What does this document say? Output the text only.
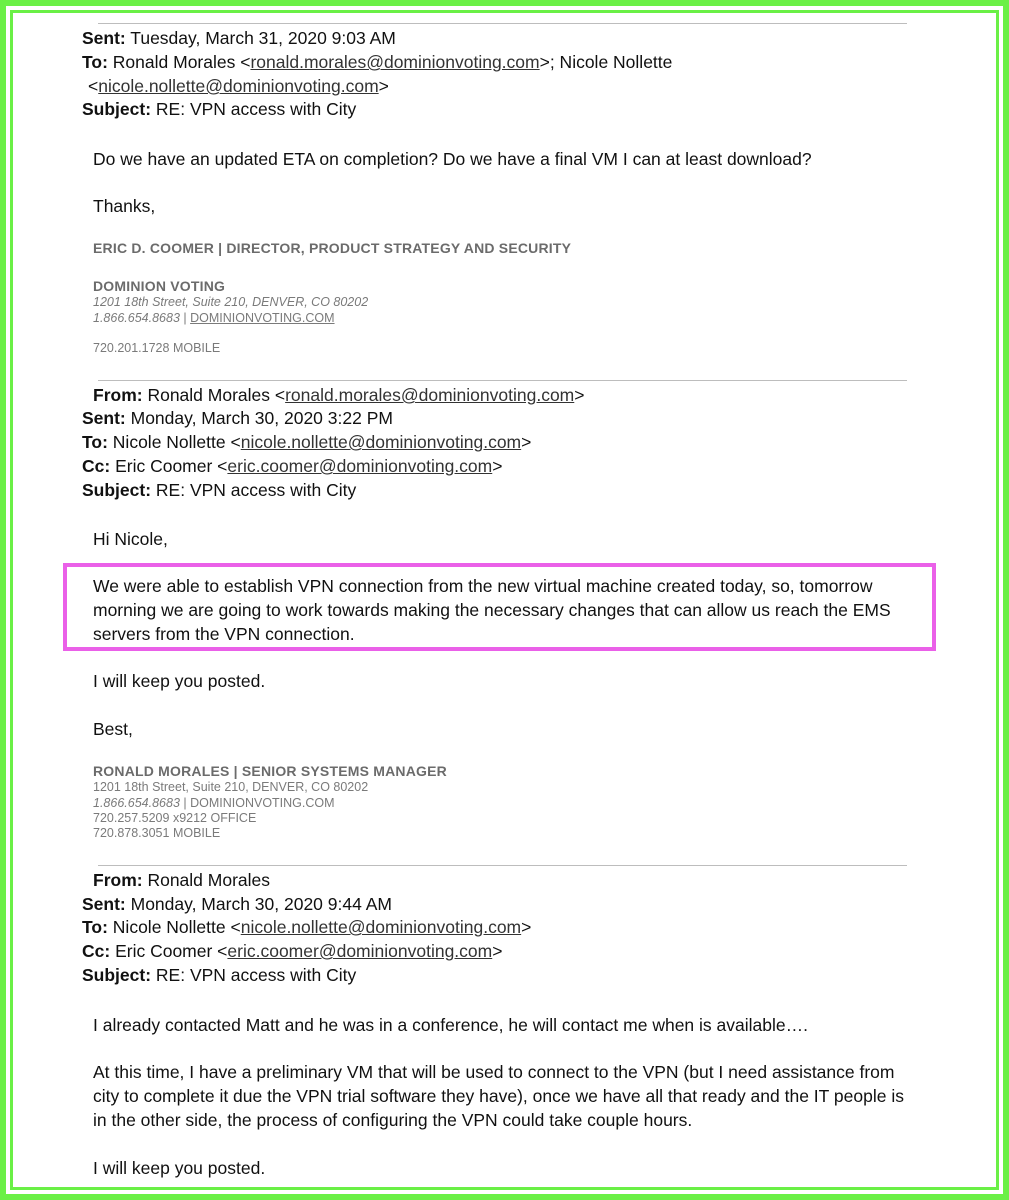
Sent: Tuesday, March 31, 2020 9:03 AM
To: Ronald Morales <ronald.morales@dominionvoting.com>; Nicole Nollette
<nicole.nollette@dominionvoting.com>
Subject: RE: VPN access with City
Do we have an updated ETA on completion? Do we have a final VM I can at least download?
Thanks,
ERIC D. COOMER | DIRECTOR, PRODUCT STRATEGY AND SECURITY
DOMINION VOTING
1201 18th Street, Suite 210, DENVER, CO 80202
1.866.654.8683 | DOMINIONVOTING.COM
720.201.1728 MOBILE
From: Ronald Morales <ronald.morales@dominionvoting.com>
Sent: Monday, March 30, 2020 3:22 PM
To: Nicole Nollette <nicole.nollette@dominionvoting.com>
Cc: Eric Coomer <eric.coomer@dominionvoting.com>
Subject: RE: VPN access with City
Hi Nicole,
We were able to establish VPN connection from the new virtual machine created today, so, tomorrow morning we are going to work towards making the necessary changes that can allow us reach the EMS servers from the VPN connection.
I will keep you posted.
Best,
RONALD MORALES | SENIOR SYSTEMS MANAGER
1201 18th Street, Suite 210, DENVER, CO 80202
1.866.654.8683 | DOMINIONVOTING.COM
720.257.5209 x9212 OFFICE
720.878.3051 MOBILE
From: Ronald Morales
Sent: Monday, March 30, 2020 9:44 AM
To: Nicole Nollette <nicole.nollette@dominionvoting.com>
Cc: Eric Coomer <eric.coomer@dominionvoting.com>
Subject: RE: VPN access with City
I already contacted Matt and he was in a conference, he will contact me when is available….
At this time, I have a preliminary VM that will be used to connect to the VPN (but I need assistance from city to complete it due the VPN trial software they have), once we have all that ready and the IT people is in the other side, the process of configuring the VPN could take couple hours.
I will keep you posted.
